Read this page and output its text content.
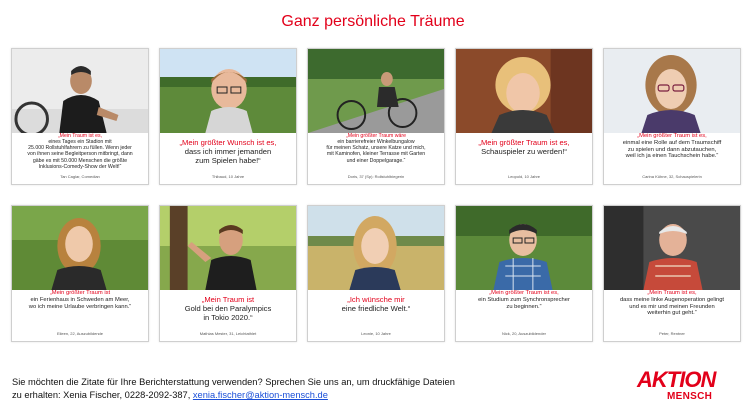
Ganz persönliche Träume
„Mein Traum ist es,
eines Tages ein Stadion mit
25.000 Rollstuhlfahrern zu füllen. Wenn jeder
von ihnen seine Begleitperson mitbringt, dann
gäbe es mit 50.000 Menschen die größte
Inklusions-Comedy-Show der Welt!“
Tan Caglar, Comedian
„Mein größter Wunsch ist es,
dass ich immer jemanden
zum Spielen habe!“
Thibaud, 10 Jahre
„Mein größter Traum wäre
ein barrierefreier Winkelbungalow
für meinen Schatz, unsere Katze und mich,
mit Kaminofen, kleiner Terrasse mit Garten
und einer Doppelgarage.“
Doris, 37 (Sp): Rollstuhlbiegerin
„Mein größter Traum ist es,
Schauspieler zu werden!“
Leopold, 10 Jahre
„Mein größter Traum ist es,
einmal eine Rolle auf dem Traumschiff
zu spielen und dann abzutauchen,
weil ich ja einen Tauchschein habe.“
Carina Kühne, 32, Schauspielerin
„Mein größter Traum ist
ein Ferienhaus in Schweden am Meer,
wo ich meine Urlaube verbringen kann.“
Eileen, 22, Auszubildende
„Mein Traum ist
Gold bei den Paralympics
in Tokio 2020.“
Mathias Mester, 31, Leichtathlet
„Ich wünsche mir
eine friedliche Welt.“
Leonie, 10 Jahre
„Mein größter Traum ist es,
ein Studium zum Synchronsprecher
zu beginnen.“
Nick, 20, Auszubildender
„Mein Traum ist es,
dass meine linke Augenoperation gelingt
und es mir und meinen Freunden
weiterhin gut geht.“
Peter, Rentner
Sie möchten die Zitate für Ihre Berichterstattung verwenden? Sprechen Sie uns an, um druckfähige Dateien
zu erhalten: Xenia Fischer, 0228-2092-387, xenia.fischer@aktion-mensch.de
AKTION
MENSCH
